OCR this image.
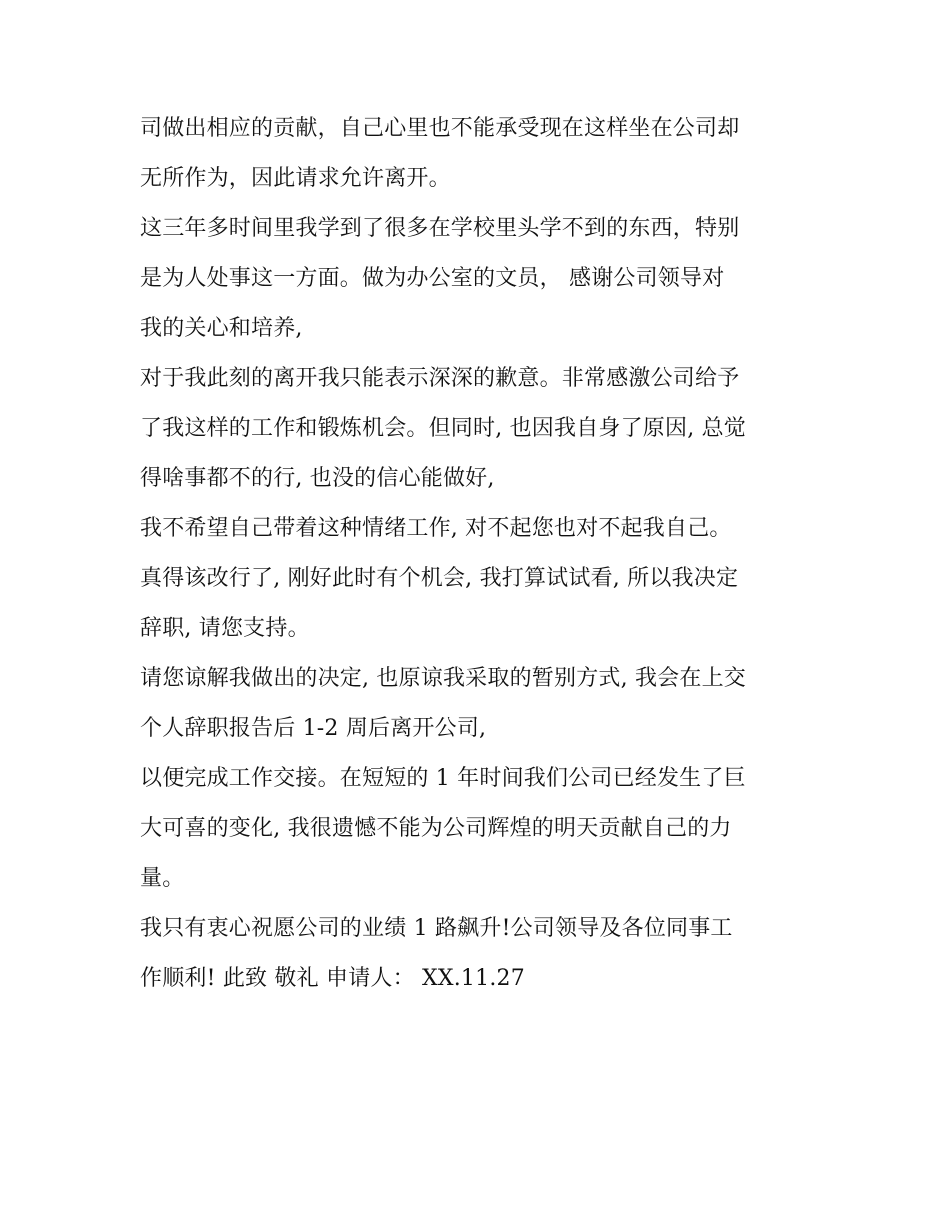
司做出相应的贡献，自己心里也不能承受现在这样坐在公司却
无所作为，因此请求允许离开。
这三年多时间里我学到了很多在学校里头学不到的东西，特别
是为人处事这一方面。做为办公室的文员， 感谢公司领导对
我的关心和培养,
对于我此刻的离开我只能表示深深的歉意。非常感激公司给予
了我这样的工作和锻炼机会。但同时, 也因我自身了原因, 总觉
得啥事都不的行, 也没的信心能做好,
我不希望自己带着这种情绪工作, 对不起您也对不起我自己。
真得该改行了, 刚好此时有个机会, 我打算试试看, 所以我决定
辞职, 请您支持。
请您谅解我做出的决定, 也原谅我采取的暂别方式, 我会在上交
个人辞职报告后 1-2 周后离开公司,
以便完成工作交接。在短短的 1 年时间我们公司已经发生了巨
大可喜的变化, 我很遗憾不能为公司辉煌的明天贡献自己的力
量。
我只有衷心祝愿公司的业绩 1 路飙升!公司领导及各位同事工
作顺利! 此致 敬礼 申请人： XX.11.27
